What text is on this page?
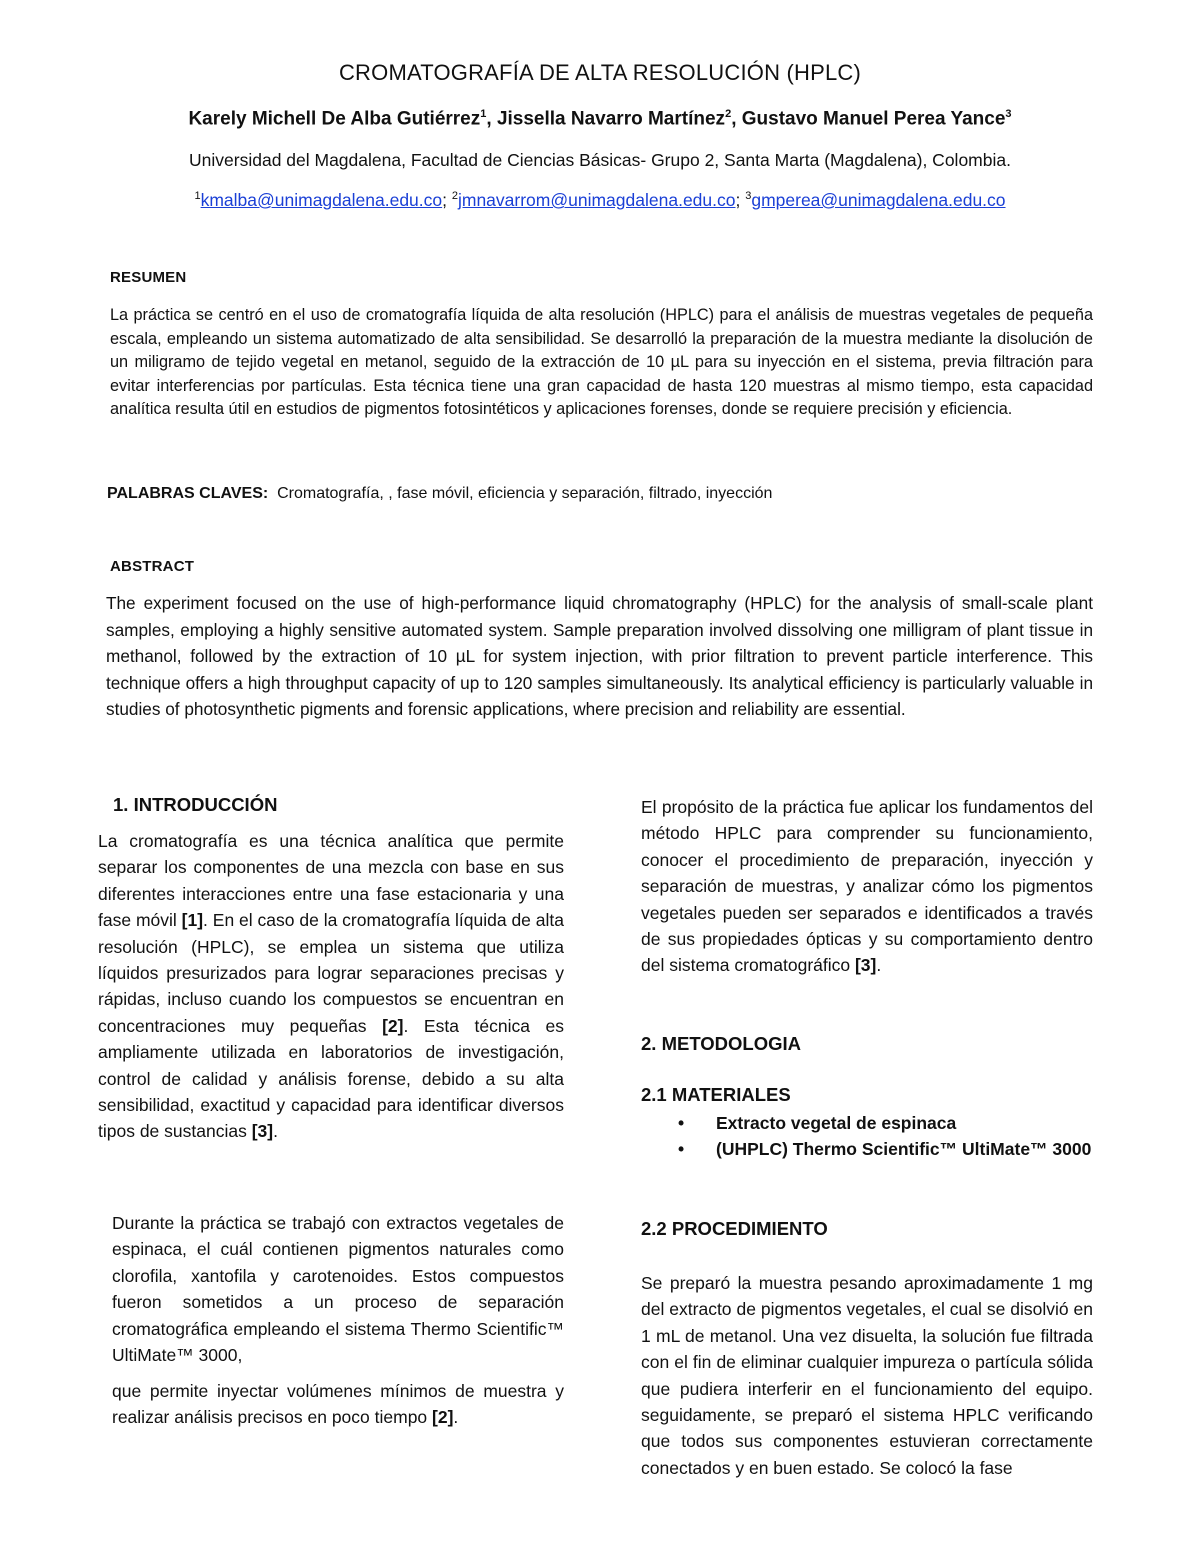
CROMATOGRAFÍA DE ALTA RESOLUCIÓN (HPLC)
Karely Michell De Alba Gutiérrez$^1$, Jissella Navarro Martínez$^2$, Gustavo Manuel Perea Yance$^3$
Universidad del Magdalena, Facultad de Ciencias Básicas- Grupo 2, Santa Marta (Magdalena), Colombia.
$^1$kmalba@unimagdalena.edu.co; $^2$jmnavarrom@unimagdalena.edu.co; $^3$gmperea@unimagdalena.edu.co
RESUMEN
La práctica se centró en el uso de cromatografía líquida de alta resolución (HPLC) para el análisis de muestras vegetales de pequeña escala, empleando un sistema automatizado de alta sensibilidad. Se desarrolló la preparación de la muestra mediante la disolución de un miligramo de tejido vegetal en metanol, seguido de la extracción de 10 µL para su inyección en el sistema, previa filtración para evitar interferencias por partículas. Esta técnica tiene una gran capacidad de hasta 120 muestras al mismo tiempo, esta capacidad analítica resulta útil en estudios de pigmentos fotosintéticos y aplicaciones forenses, donde se requiere precisión y eficiencia.
PALABRAS CLAVES: Cromatografía, , fase móvil, eficiencia y separación, filtrado, inyección
ABSTRACT
The experiment focused on the use of high-performance liquid chromatography (HPLC) for the analysis of small-scale plant samples, employing a highly sensitive automated system. Sample preparation involved dissolving one milligram of plant tissue in methanol, followed by the extraction of 10 µL for system injection, with prior filtration to prevent particle interference. This technique offers a high throughput capacity of up to 120 samples simultaneously. Its analytical efficiency is particularly valuable in studies of photosynthetic pigments and forensic applications, where precision and reliability are essential.
1. INTRODUCCIÓN
La cromatografía es una técnica analítica que permite separar los componentes de una mezcla con base en sus diferentes interacciones entre una fase estacionaria y una fase móvil [1]. En el caso de la cromatografía líquida de alta resolución (HPLC), se emplea un sistema que utiliza líquidos presurizados para lograr separaciones precisas y rápidas, incluso cuando los compuestos se encuentran en concentraciones muy pequeñas [2]. Esta técnica es ampliamente utilizada en laboratorios de investigación, control de calidad y análisis forense, debido a su alta sensibilidad, exactitud y capacidad para identificar diversos tipos de sustancias [3].
Durante la práctica se trabajó con extractos vegetales de espinaca, el cuál contienen pigmentos naturales como clorofila, xantofila y carotenoides. Estos compuestos fueron sometidos a un proceso de separación cromatográfica empleando el sistema Thermo Scientific™ UltiMate™ 3000,
que permite inyectar volúmenes mínimos de muestra y realizar análisis precisos en poco tiempo [2].
El propósito de la práctica fue aplicar los fundamentos del método HPLC para comprender su funcionamiento, conocer el procedimiento de preparación, inyección y separación de muestras, y analizar cómo los pigmentos vegetales pueden ser separados e identificados a través de sus propiedades ópticas y su comportamiento dentro del sistema cromatográfico [3].
2. METODOLOGIA
2.1 MATERIALES
• Extracto vegetal de espinaca
• (UHPLC) Thermo Scientific™ UltiMate™ 3000
2.2 PROCEDIMIENTO
Se preparó la muestra pesando aproximadamente 1 mg del extracto de pigmentos vegetales, el cual se disolvió en 1 mL de metanol. Una vez disuelta, la solución fue filtrada con el fin de eliminar cualquier impureza o partícula sólida que pudiera interferir en el funcionamiento del equipo. seguidamente, se preparó el sistema HPLC verificando que todos sus componentes estuvieran correctamente conectados y en buen estado. Se colocó la fase
